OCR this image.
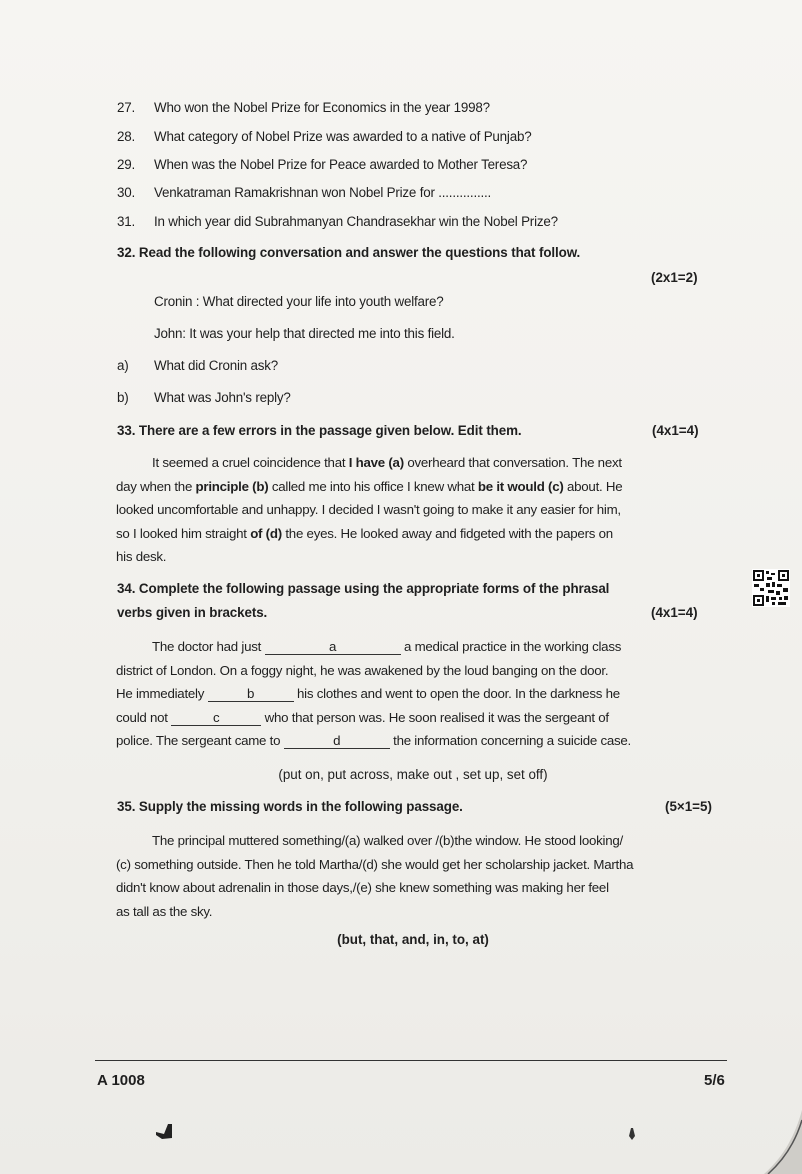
27. Who won the Nobel Prize for Economics in the year 1998?
28. What category of Nobel Prize was awarded to a native of Punjab?
29. When was the Nobel Prize for Peace awarded to Mother Teresa?
30. Venkatraman Ramakrishnan won Nobel Prize for ...............
31. In which year did Subrahmanyan Chandrasekhar win the Nobel Prize?
32. Read the following conversation and answer the questions that follow.
(2x1=2)
Cronin : What directed your life into youth welfare?
John: It was your help that directed me into this field.
a) What did Cronin ask?
b) What was John's reply?
33. There are a few errors in the passage given below. Edit them.	(4x1=4)
It seemed a cruel coincidence that I have (a) overheard that conversation. The next
day when the principle (b) called me into his office I knew what be it would (c) about. He
looked uncomfortable and unhappy. I decided I wasn't going to make it any easier for him,
so I looked him straight of (d) the eyes. He looked away and fidgeted with the papers on
his desk.
34. Complete the following passage using the appropriate forms of the phrasal
verbs given in brackets.	(4x1=4)
The doctor had just	a	a medical practice in the working class
district of London. On a foggy night, he was awakened by the loud banging on the door.
He immediately	b	his clothes and went to open the door. In the darkness he
could not	c	who that person was. He soon realised it was the sergeant of
police. The sergeant came to	d	the information concerning a suicide case.
(put on, put across, make out , set up, set off)
35. Supply the missing words in the following passage.	(5×1=5)
The principal muttered something/(a) walked over /(b)the window. He stood looking/
(c) something outside. Then he told Martha/(d) she would get her scholarship jacket. Martha
didn't know about adrenalin in those days,/(e) she knew something was making her feel
as tall as the sky.
(but, that, and, in, to, at)
A 1008	5/6
